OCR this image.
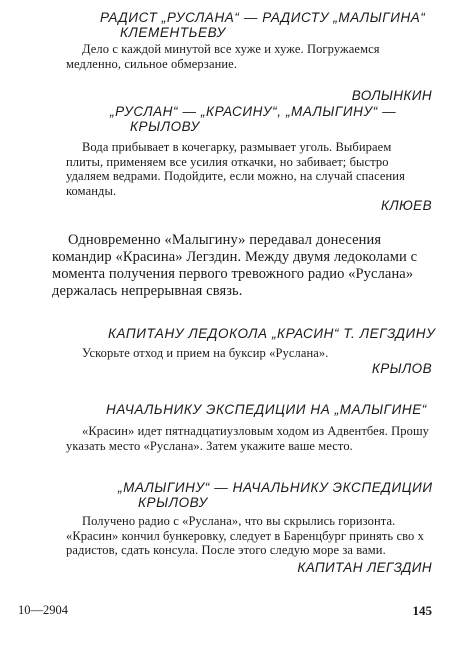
РАДИСТ „РУСЛАНА“ — РАДИСТУ „МАЛЫГИНА“
КЛЕМЕНТЬЕВУ

Дело с каждой минутой все хуже и хуже. Погружаемся медленно, сильное обмерзание.

ВОЛЫНКИН
„РУСЛАН“ — „КРАСИНУ“, „МАЛЫГИНУ“ —
КРЫЛОВУ

Вода прибывает в кочегарку, размывает уголь. Выбираем плиты, применяем все усилия откачки, но забивает; быстро удаляем ведрами. Подойдите, если можно, на случай спасения команды.

КЛЮЕВ

Одновременно «Малыгину» передавал донесения командир «Красина» Легздин. Между двумя ледоколами с момента получения первого тревожного радио «Руслана» держалась непрерывная связь.

КАПИТАНУ ЛЕДОКОЛА „КРАСИН“ Т. ЛЕГЗДИНУ

Ускорьте отход и прием на буксир «Руслана».

КРЫЛОВ
НАЧАЛЬНИКУ ЭКСПЕДИЦИИ НА „МАЛЫГИНЕ“

«Красин» идет пятнадцатиузловым ходом из Адвентбея. Прошу указать место «Руслана». Затем укажите ваше место.

„МАЛЫГИНУ“ — НАЧАЛЬНИКУ ЭКСПЕДИЦИИ
КРЫЛОВУ

Получено радио с «Руслана», что вы скрылись горизонта. «Красин» кончил бункеровку, следует в Баренцбург принять сво х радистов, сдать консула. После этого следую море за вами.

КАПИТАН ЛЕГЗДИН
10—2904	145
